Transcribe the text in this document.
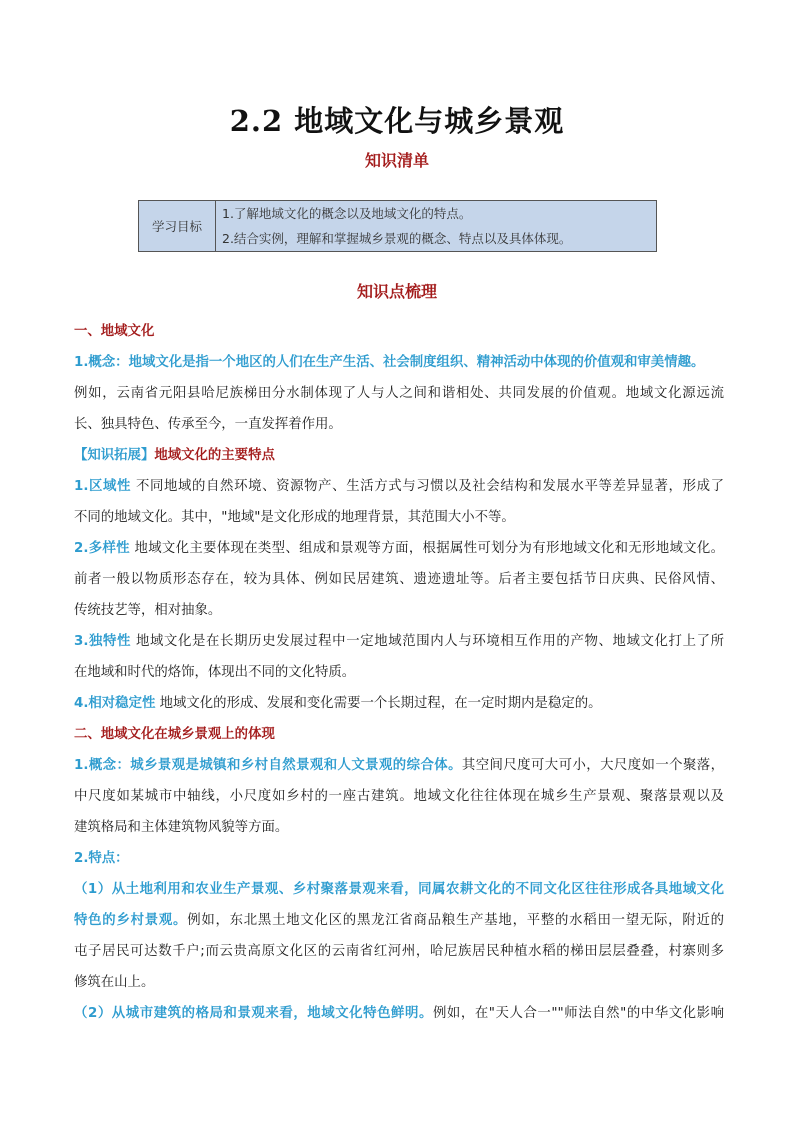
2.2 地域文化与城乡景观
知识清单
学习目标	
1.了解地域文化的概念以及地域文化的特点。
2.结合实例，理解和掌握城乡景观的概念、特点以及具体体现。
知识点梳理
一、地域文化
1.概念：地域文化是指一个地区的人们在生产生活、社会制度组织、精神活动中体现的价值观和审美情趣。
例如，云南省元阳县哈尼族梯田分水制体现了人与人之间和谐相处、共同发展的价值观。地域文化源远流
长、独具特色、传承至今，一直发挥着作用。
【知识拓展】地域文化的主要特点
1.区域性 不同地域的自然环境、资源物产、生活方式与习惯以及社会结构和发展水平等差异显著，形成了
不同的地域文化。其中，"地域"是文化形成的地理背景，其范围大小不等。
2.多样性 地域文化主要体现在类型、组成和景观等方面，根据属性可划分为有形地域文化和无形地域文化。
前者一般以物质形态存在，较为具体、例如民居建筑、遗迹遗址等。后者主要包括节日庆典、民俗风情、
传统技艺等，相对抽象。
3.独特性 地域文化是在长期历史发展过程中一定地域范围内人与环境相互作用的产物、地域文化打上了所
在地域和时代的烙饰，体现出不同的文化特质。
4.相对稳定性 地域文化的形成、发展和变化需要一个长期过程，在一定时期内是稳定的。
二、地域文化在城乡景观上的体现
1.概念：城乡景观是城镇和乡村自然景观和人文景观的综合体。其空间尺度可大可小，大尺度如一个聚落，
中尺度如某城市中轴线，小尺度如乡村的一座古建筑。地域文化往往体现在城乡生产景观、聚落景观以及
建筑格局和主体建筑物风貌等方面。
2.特点：
（1）从土地利用和农业生产景观、乡村聚落景观来看，同属农耕文化的不同文化区往往形成各具地域文化
特色的乡村景观。例如，东北黑土地文化区的黑龙江省商品粮生产基地，平整的水稻田一望无际，附近的
屯子居民可达数千户;而云贵高原文化区的云南省红河州，哈尼族居民种植水稻的梯田层层叠叠，村寨则多
修筑在山上。
（2）从城市建筑的格局和景观来看，地域文化特色鲜明。例如，在"天人合一""师法自然"的中华文化影响
